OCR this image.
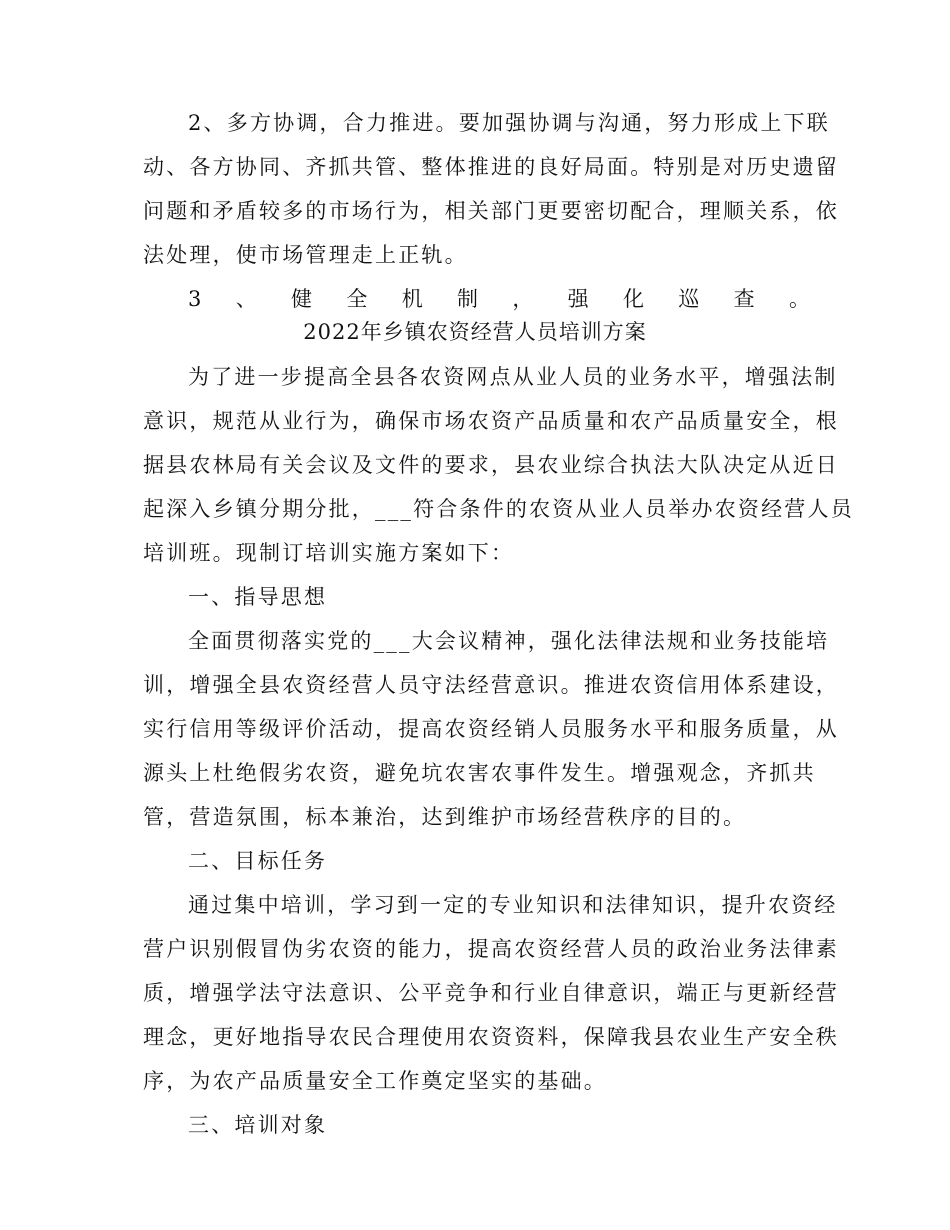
2、多方协调，合力推进。要加强协调与沟通，努力形成上下联
动、各方协同、齐抓共管、整体推进的良好局面。特别是对历史遗留
问题和矛盾较多的市场行为，相关部门更要密切配合，理顺关系，依
法处理，使市场管理走上正轨。
3 、 健 全 机 制 ， 强 化 巡 查 。
2022年乡镇农资经营人员培训方案
为了进一步提高全县各农资网点从业人员的业务水平，增强法制
意识，规范从业行为，确保市场农资产品质量和农产品质量安全，根
据县农林局有关会议及文件的要求，县农业综合执法大队决定从近日
起深入乡镇分期分批，___符合条件的农资从业人员举办农资经营人员
培训班。现制订培训实施方案如下：
一、指导思想
全面贯彻落实党的___大会议精神，强化法律法规和业务技能培
训，增强全县农资经营人员守法经营意识。推进农资信用体系建设，
实行信用等级评价活动，提高农资经销人员服务水平和服务质量，从
源头上杜绝假劣农资，避免坑农害农事件发生。增强观念，齐抓共
管，营造氛围，标本兼治，达到维护市场经营秩序的目的。
二、目标任务
通过集中培训，学习到一定的专业知识和法律知识，提升农资经
营户识别假冒伪劣农资的能力，提高农资经营人员的政治业务法律素
质，增强学法守法意识、公平竞争和行业自律意识，端正与更新经营
理念，更好地指导农民合理使用农资资料，保障我县农业生产安全秩
序，为农产品质量安全工作奠定坚实的基础。
三、培训对象
